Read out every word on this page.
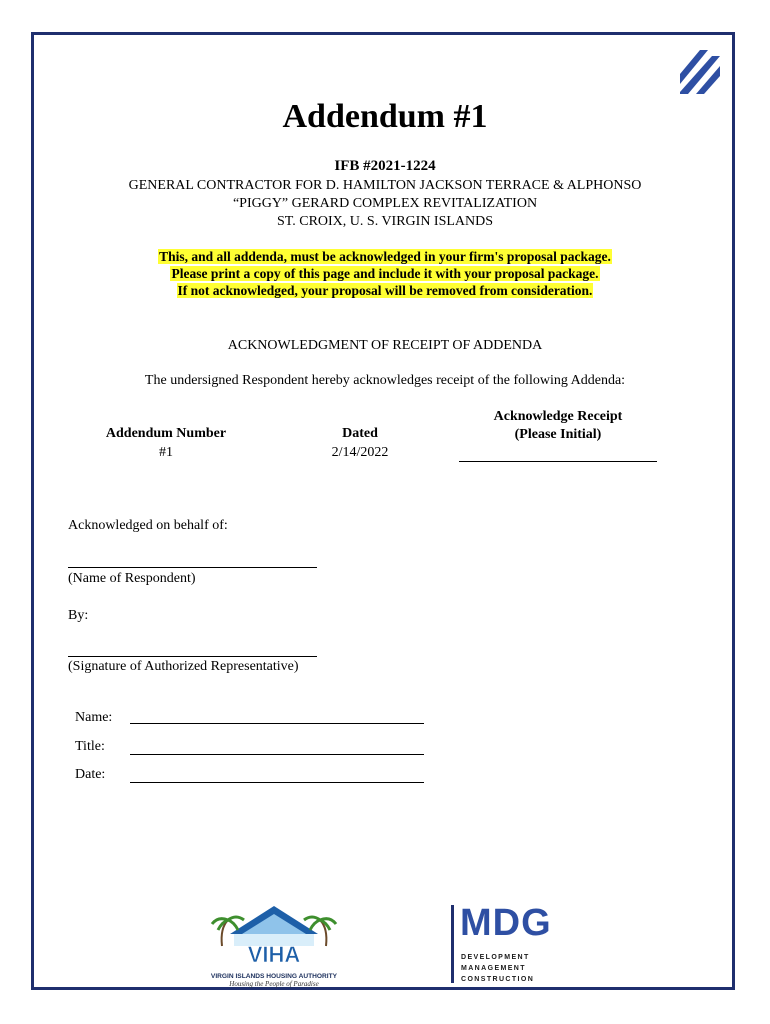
Addendum #1
IFB #2021-1224
GENERAL CONTRACTOR FOR D. HAMILTON JACKSON TERRACE & ALPHONSO
“PIGGY” GERARD COMPLEX REVITALIZATION
ST. CROIX, U. S. VIRGIN ISLANDS
This, and all addenda, must be acknowledged in your firm's proposal package.
Please print a copy of this page and include it with your proposal package.
If not acknowledged, your proposal will be removed from consideration.
ACKNOWLEDGMENT OF RECEIPT OF ADDENDA
The undersigned Respondent hereby acknowledges receipt of the following Addenda:
Addendum Number
#1
Dated
2/14/2022
Acknowledge Receipt
(Please Initial)
Acknowledged on behalf of:
(Name of Respondent)
By:
(Signature of Authorized Representative)
Name:
Title:
Date:
VIHA
VIRGIN ISLANDS HOUSING AUTHORITY
Housing the People of Paradise
MDG
DEVELOPMENT
MANAGEMENT
CONSTRUCTION
